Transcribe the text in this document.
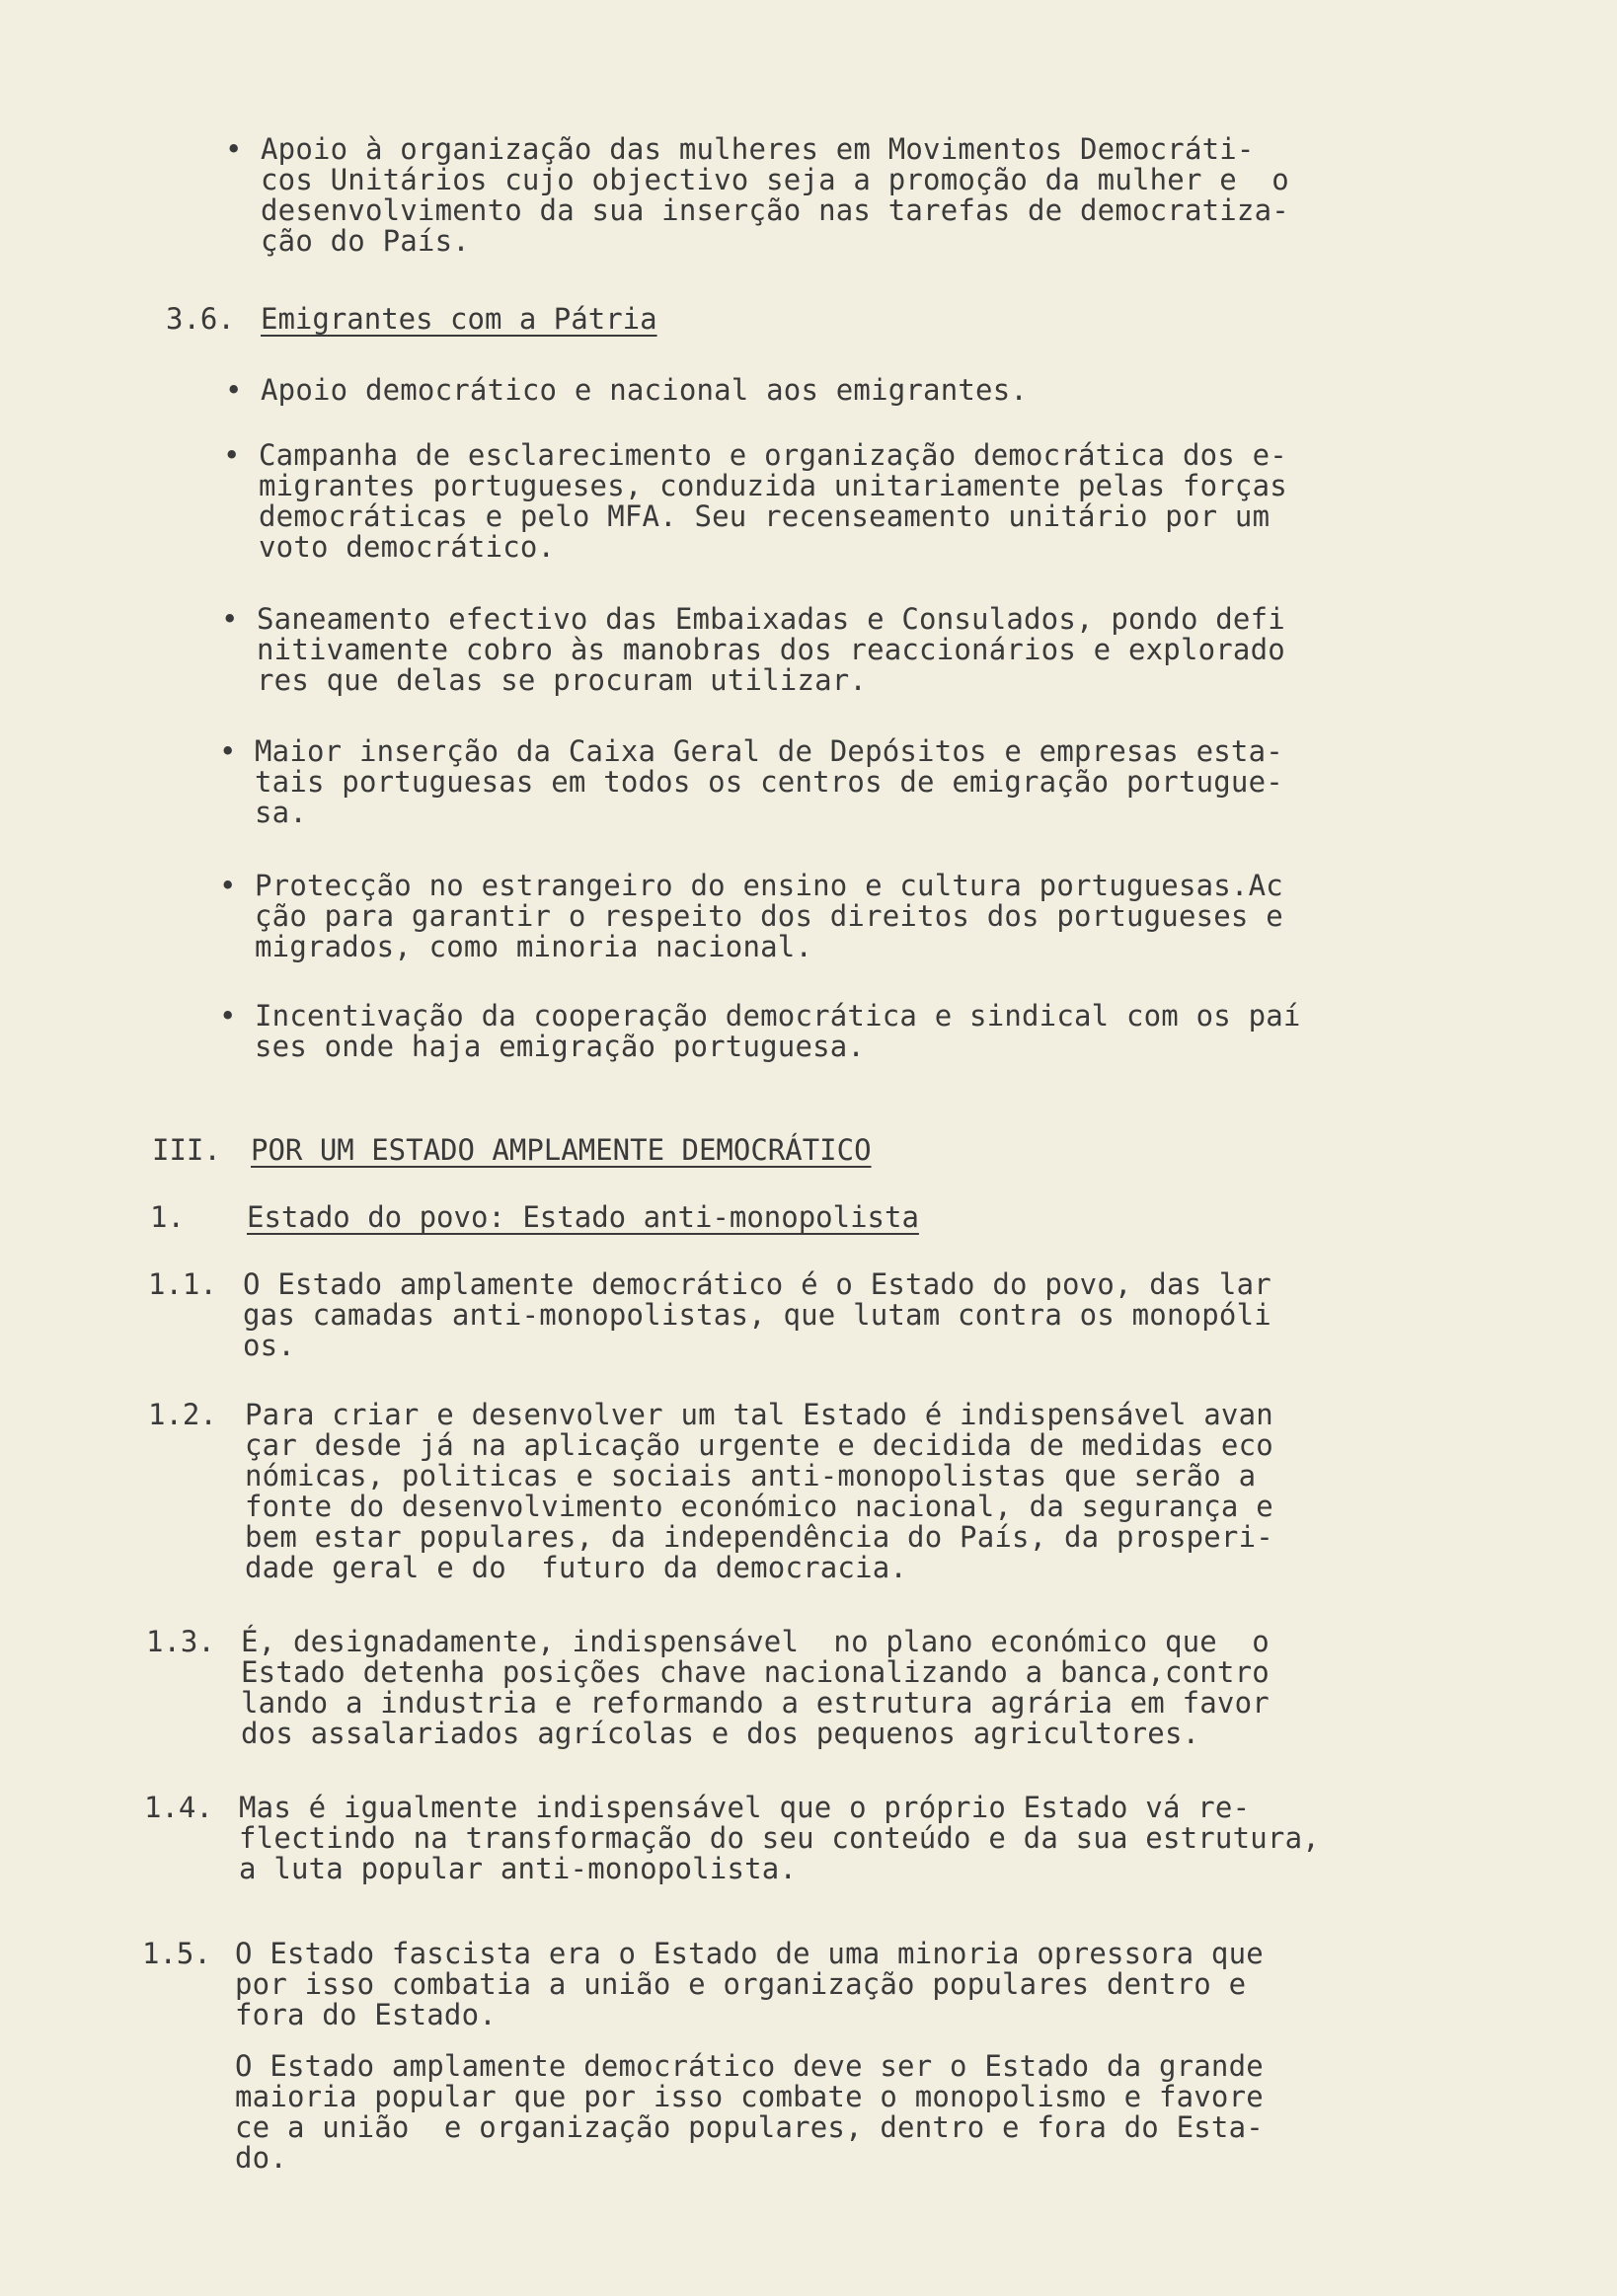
• Apoio à organização das mulheres em Movimentos Democráti-
cos Unitários cujo objectivo seja a promoção da mulher e  o
desenvolvimento da sua inserção nas tarefas de democratiza-
ção do País.
3.6. Emigrantes com a Pátria
• Apoio democrático e nacional aos emigrantes.
• Campanha de esclarecimento e organização democrática dos e-
migrantes portugueses, conduzida unitariamente pelas forças
democráticas e pelo MFA. Seu recenseamento unitário por um
voto democrático.
• Saneamento efectivo das Embaixadas e Consulados, pondo defi
nitivamente cobro às manobras dos reaccionários e explorado
res que delas se procuram utilizar.
• Maior inserção da Caixa Geral de Depósitos e empresas esta-
tais portuguesas em todos os centros de emigração portugue-
sa.
• Protecção no estrangeiro do ensino e cultura portuguesas.Ac
ção para garantir o respeito dos direitos dos portugueses e
migrados, como minoria nacional.
• Incentivação da cooperação democrática e sindical com os paí
ses onde haja emigração portuguesa.
III. POR UM ESTADO AMPLAMENTE DEMOCRÁTICO
1. Estado do povo: Estado anti-monopolista
1.1. O Estado amplamente democrático é o Estado do povo, das lar
gas camadas anti-monopolistas, que lutam contra os monopóli
os.
1.2. Para criar e desenvolver um tal Estado é indispensável avan
çar desde já na aplicação urgente e decidida de medidas eco
nómicas, politicas e sociais anti-monopolistas que serão a
fonte do desenvolvimento económico nacional, da segurança e
bem estar populares, da independência do País, da prosperi-
dade geral e do  futuro da democracia.
1.3. É, designadamente, indispensável  no plano económico que  o
Estado detenha posições chave nacionalizando a banca,contro
lando a industria e reformando a estrutura agrária em favor
dos assalariados agrícolas e dos pequenos agricultores.
1.4. Mas é igualmente indispensável que o próprio Estado vá re-
flectindo na transformação do seu conteúdo e da sua estrutura,
a luta popular anti-monopolista.
1.5. O Estado fascista era o Estado de uma minoria opressora que
por isso combatia a união e organização populares dentro e
fora do Estado.
O Estado amplamente democrático deve ser o Estado da grande
maioria popular que por isso combate o monopolismo e favore
ce a união  e organização populares, dentro e fora do Esta-
do.
